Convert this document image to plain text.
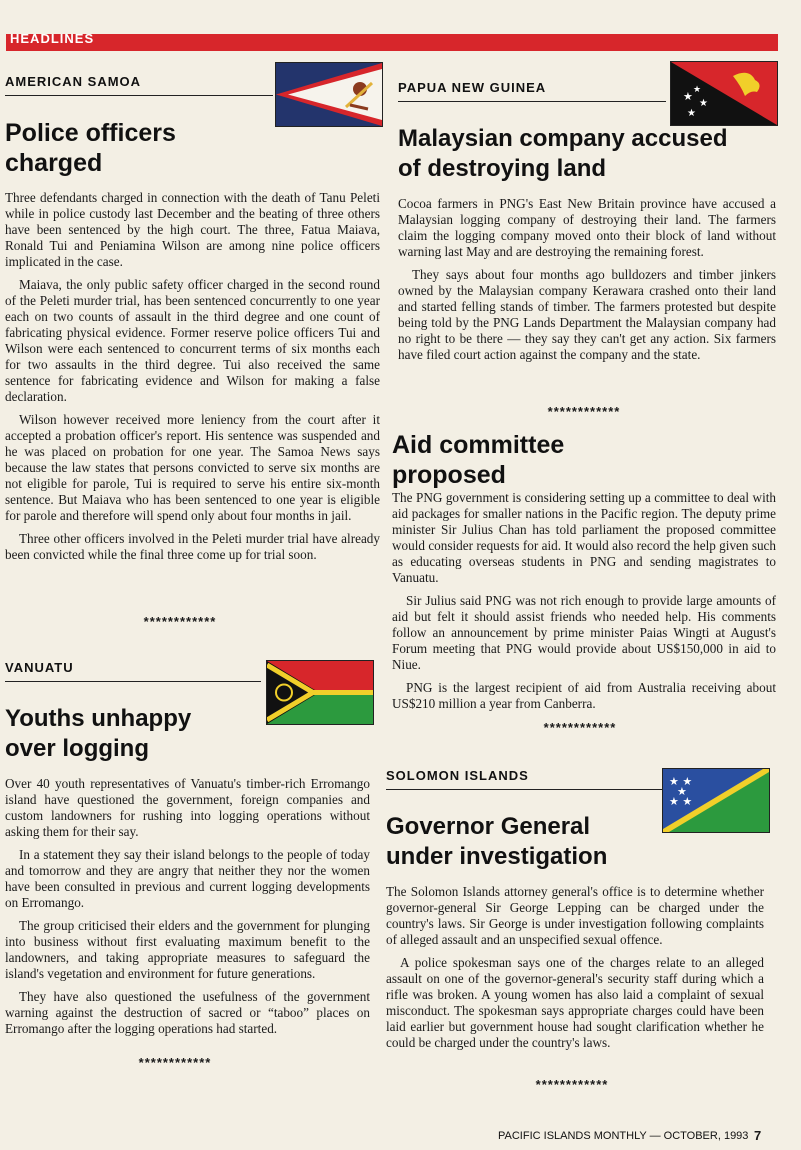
HEADLINES
AMERICAN SAMOA
Police officers
charged

Three defendants charged in connection with the death of Tanu Peleti while in police custody last December and the beating of three others have been sentenced by the high court. The three, Fatua Maiava, Ronald Tui and Peniamina Wilson are among nine police officers implicated in the case.

Maiava, the only public safety officer charged in the second round of the Peleti murder trial, has been sentenced concurrently to one year each on two counts of assault in the third degree and one count of fabricating physical evidence. Former reserve police officers Tui and Wilson were each sentenced to concurrent terms of six months each for two assaults in the third degree. Tui also received the same sentence for fabricating evidence and Wilson for making a false declaration.

Wilson however received more leniency from the court after it accepted a probation officer's report. His sentence was suspended and he was placed on probation for one year. The Samoa News says because the law states that persons convicted to serve six months are not eligible for parole, Tui is required to serve his entire six-month sentence. But Maiava who has been sentenced to one year is eligible for parole and therefore will spend only about four months in jail.

Three other officers involved in the Peleti murder trial have already been convicted while the final three come up for trial soon.

************
VANUATU
Youths unhappy
over logging

Over 40 youth representatives of Vanuatu's timber-rich Erromango island have questioned the government, foreign companies and custom landowners for rushing into logging operations without asking them for their say.

In a statement they say their island belongs to the people of today and tomorrow and they are angry that neither they nor the women have been consulted in previous and current logging developments on Erromango.

The group criticised their elders and the government for plunging into business without first evaluating maximum benefit to the landowners, and taking appropriate measures to safeguard the island's vegetation and environment for future generations.

They have also questioned the usefulness of the government warning against the destruction of sacred or “taboo” places on Erromango after the logging operations had started.

************
PAPUA NEW GUINEA
★ ★
★
★
Malaysian company accused
of destroying land

Cocoa farmers in PNG's East New Britain province have accused a Malaysian logging company of destroying their land. The farmers claim the logging company moved onto their block of land without warning last May and are destroying the remaining forest.

They says about four months ago bulldozers and timber jinkers owned by the Malaysian company Kerawara crashed onto their land and started felling stands of timber. The farmers protested but despite being told by the PNG Lands Department the Malaysian company had no right to be there — they say they can't get any action. Six farmers have filed court action against the company and the state.

************
Aid committee
proposed

The PNG government is considering setting up a committee to deal with aid packages for smaller nations in the Pacific region. The deputy prime minister Sir Julius Chan has told parliament the proposed committee would consider requests for aid. It would also record the help given such as educating overseas students in PNG and sending magistrates to Vanuatu.

Sir Julius said PNG was not rich enough to provide large amounts of aid but felt it should assist friends who needed help. His comments follow an announcement by prime minister Paias Wingti at August's Forum meeting that PNG would provide about US$150,000 in aid to Niue.

PNG is the largest recipient of aid from Australia receiving about US$210 million a year from Canberra.

************
SOLOMON ISLANDS	★ ★
★
★ ★
Governor General
under investigation

The Solomon Islands attorney general's office is to determine whether governor-general Sir George Lepping can be charged under the country's laws. Sir George is under investigation following complaints of alleged assault and an unspecified sexual offence.

A police spokesman says one of the charges relate to an alleged assault on one of the governor-general's security staff during which a rifle was broken. A young women has also laid a complaint of sexual misconduct. The spokesman says appropriate charges could have been laid earlier but government house had sought clarification whether he could be charged under the country's laws.

************
PACIFIC ISLANDS MONTHLY — OCTOBER, 1993 7
